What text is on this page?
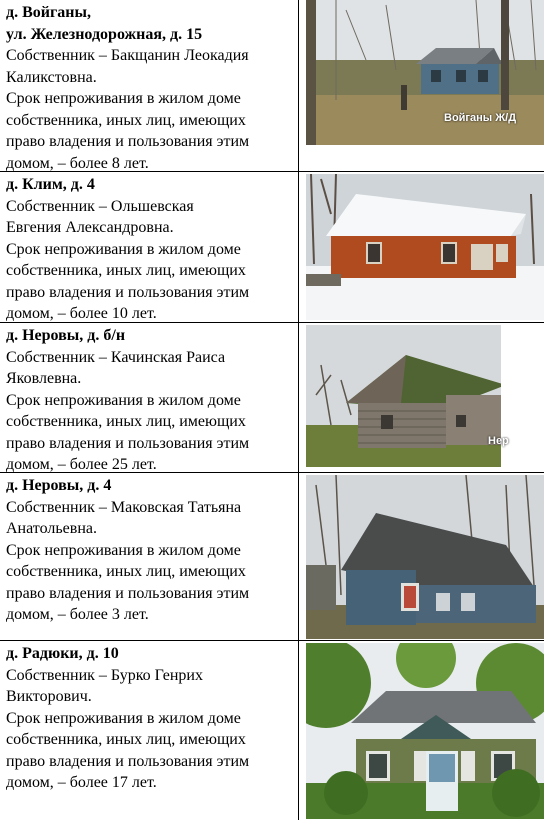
д. Войганы,
ул. Железнодорожная, д. 15
Собственник – Бакщанин Леокадия
Каликстовна.
Срок непроживания в жилом доме
собственника, иных лиц, имеющих
право владения и пользования этим
домом, – более 8 лет.
Войганы Ж/Д
д. Клим, д. 4
Собственник – Ольшевская
Евгения Александровна.
Срок непроживания в жилом доме
собственника, иных лиц, имеющих
право владения и пользования этим
домом, – более 10 лет.
д. Неровы, д. б/н
Собственник – Качинская Раиса
Яковлевна.
Срок непроживания в жилом доме
собственника, иных лиц, имеющих
право владения и пользования этим
домом, – более 25 лет.
Нер
д. Неровы, д. 4
Собственник – Маковская Татьяна
Анатольевна.
Срок непроживания в жилом доме
собственника, иных лиц, имеющих
право владения и пользования этим
домом, – более 3 лет.
д. Радюки, д. 10
Собственник – Бурко Генрих
Викторович.
Срок непроживания в жилом доме
собственника, иных лиц, имеющих
право владения и пользования этим
домом, – более 17 лет.
